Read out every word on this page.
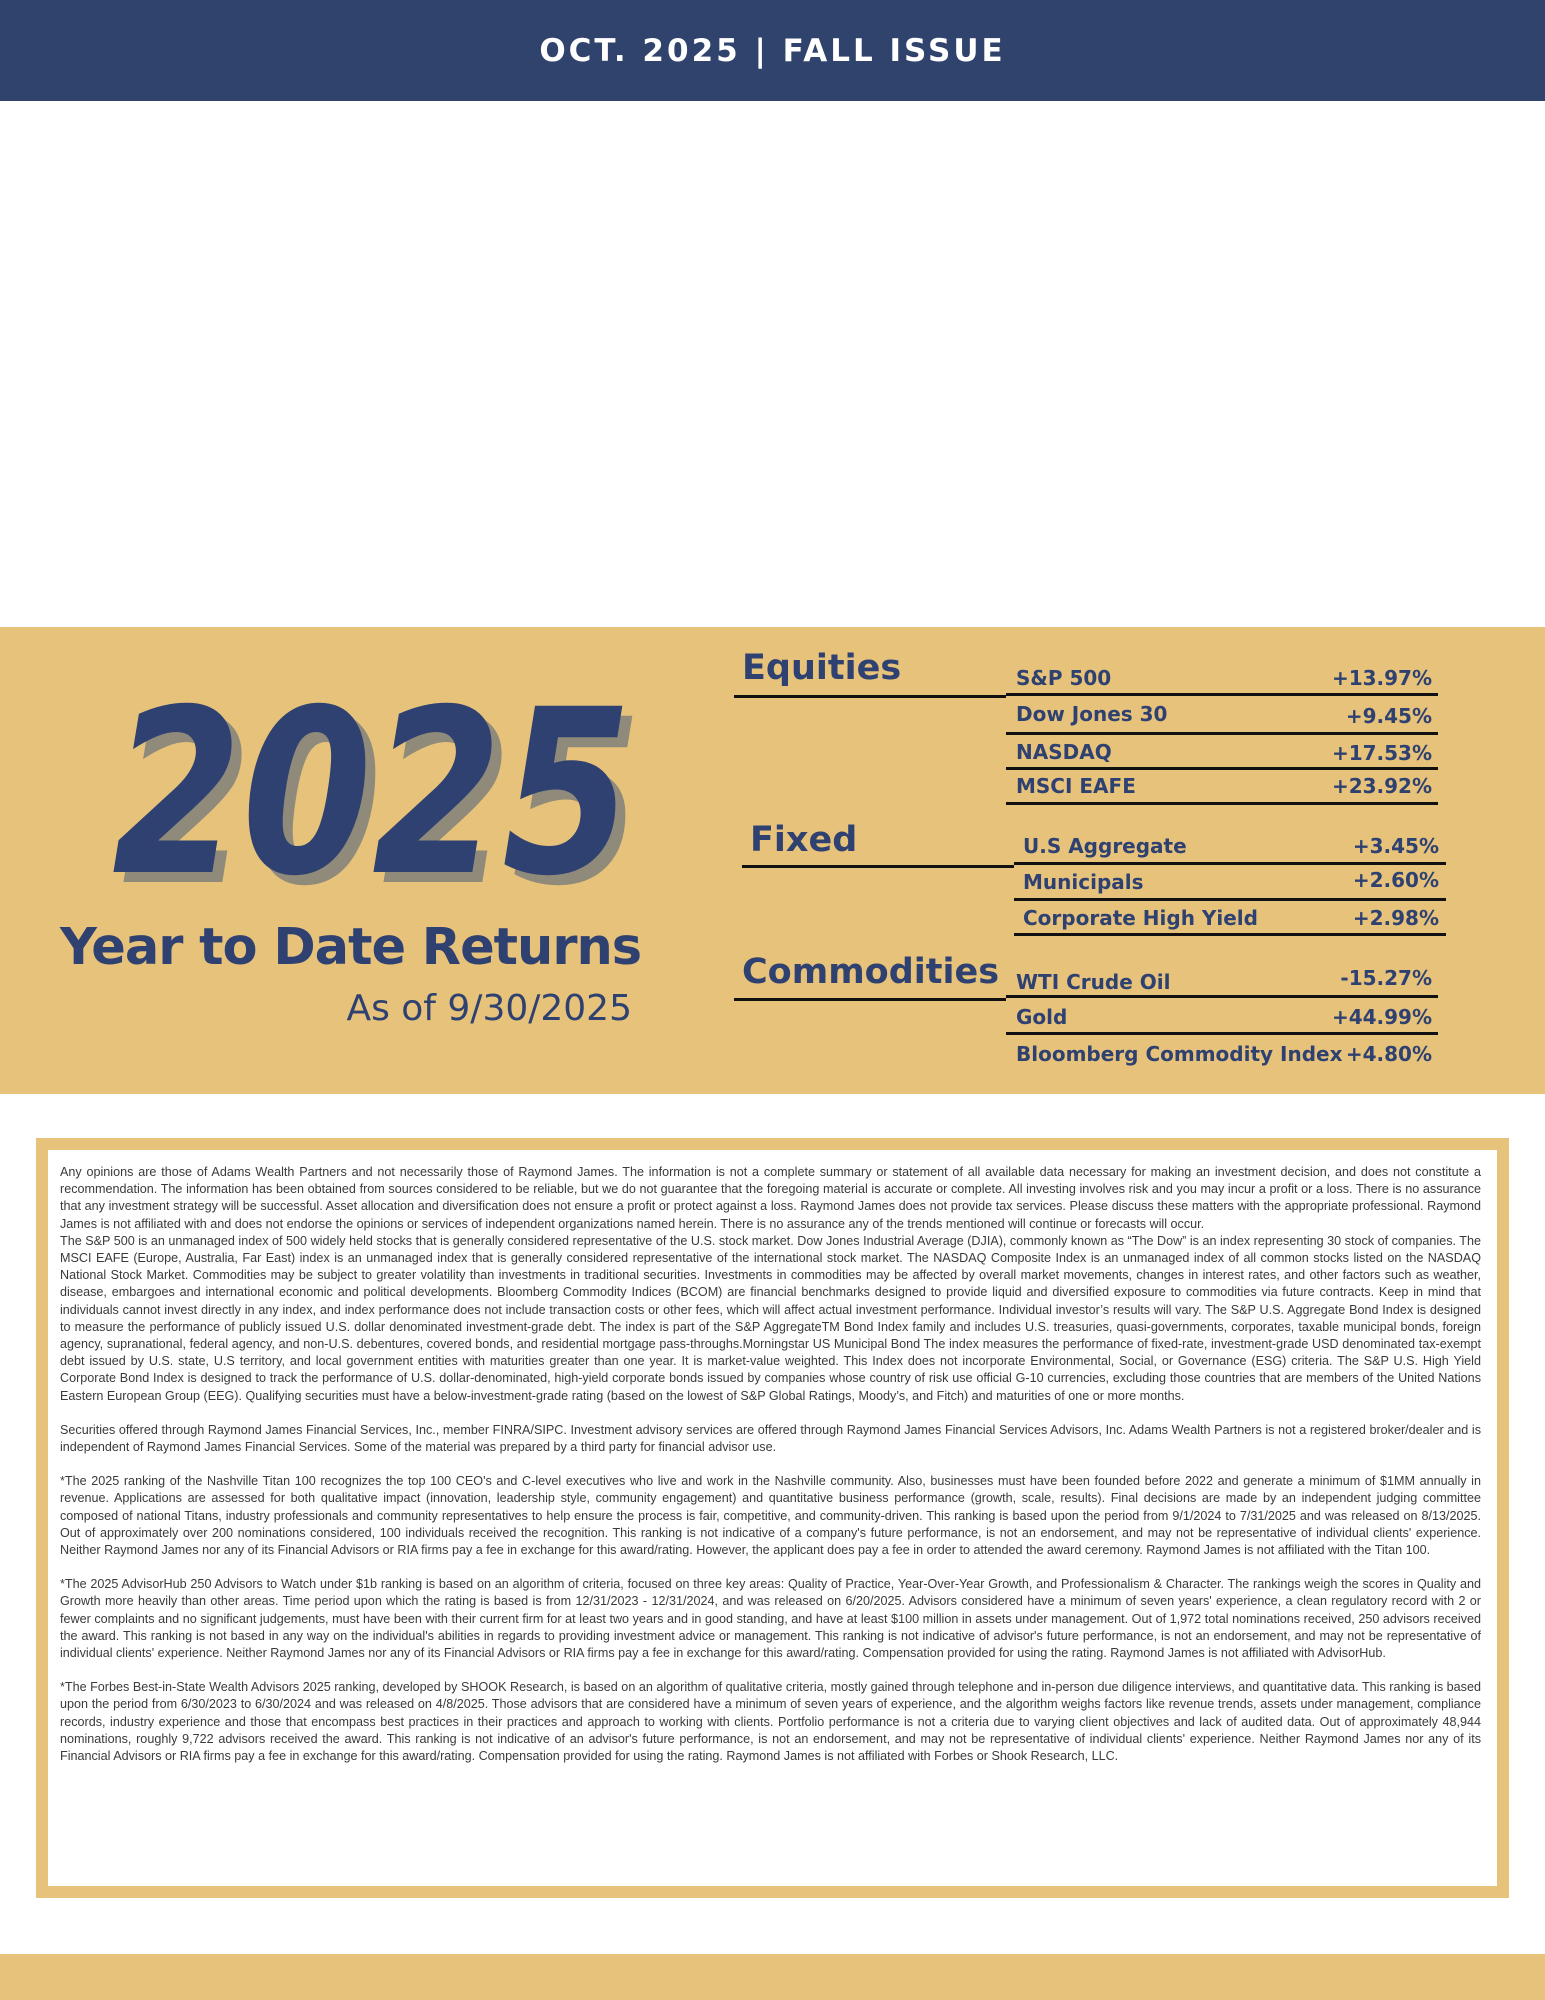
OCT. 2025 | FALL ISSUE
2025
2025
Year to Date Returns
As of 9/30/2025
Equities	S&P 500	+13.97%
Dow Jones 30	+9.45%
NASDAQ	+17.53%
MSCI EAFE	+23.92%
Fixed	U.S Aggregate	+3.45%
Municipals	+2.60%
Corporate High Yield	+2.98%
Commodities WTI Crude Oil	-15.27%
Gold	+44.99%
Bloomberg Commodity Index +4.80%

Any opinions are those of Adams Wealth Partners and not necessarily those of Raymond James. The information is not a complete summary or statement of all available data necessary for making an investment decision, and does not constitute a recommendation. The information has been obtained from sources considered to be reliable, but we do not guarantee that the foregoing material is accurate or complete. All investing involves risk and you may incur a profit or a loss. There is no assurance that any investment strategy will be successful. Asset allocation and diversification does not ensure a profit or protect against a loss. Raymond James does not provide tax services. Please discuss these matters with the appropriate professional. Raymond James is not affiliated with and does not endorse the opinions or services of independent organizations named herein. There is no assurance any of the trends mentioned will continue or forecasts will occur.

The S&P 500 is an unmanaged index of 500 widely held stocks that is generally considered representative of the U.S. stock market. Dow Jones Industrial Average (DJIA), commonly known as “The Dow” is an index representing 30 stock of companies. The MSCI EAFE (Europe, Australia, Far East) index is an unmanaged index that is generally considered representative of the international stock market. The NASDAQ Composite Index is an unmanaged index of all common stocks listed on the NASDAQ National Stock Market. Commodities may be subject to greater volatility than investments in traditional securities. Investments in commodities may be affected by overall market movements, changes in interest rates, and other factors such as weather, disease, embargoes and international economic and political developments. Bloomberg Commodity Indices (BCOM) are financial benchmarks designed to provide liquid and diversified exposure to commodities via future contracts. Keep in mind that individuals cannot invest directly in any index, and index performance does not include transaction costs or other fees, which will affect actual investment performance. Individual investor’s results will vary. The S&P U.S. Aggregate Bond Index is designed to measure the performance of publicly issued U.S. dollar denominated investment-grade debt. The index is part of the S&P AggregateTM Bond Index family and includes U.S. treasuries, quasi-governments, corporates, taxable municipal bonds, foreign agency, supranational, federal agency, and non-U.S. debentures, covered bonds, and residential mortgage pass-throughs.Morningstar US Municipal Bond The index measures the performance of fixed-rate, investment-grade USD denominated tax-exempt debt issued by U.S. state, U.S territory, and local government entities with maturities greater than one year. It is market-value weighted. This Index does not incorporate Environmental, Social, or Governance (ESG) criteria. The S&P U.S. High Yield Corporate Bond Index is designed to track the performance of U.S. dollar-denominated, high-yield corporate bonds issued by companies whose country of risk use official G-10 currencies, excluding those countries that are members of the United Nations Eastern European Group (EEG). Qualifying securities must have a below-investment-grade rating (based on the lowest of S&P Global Ratings, Moody’s, and Fitch) and maturities of one or more months.

Securities offered through Raymond James Financial Services, Inc., member FINRA/SIPC. Investment advisory services are offered through Raymond James Financial Services Advisors, Inc. Adams Wealth Partners is not a registered broker/dealer and is independent of Raymond James Financial Services. Some of the material was prepared by a third party for financial advisor use.

*The 2025 ranking of the Nashville Titan 100 recognizes the top 100 CEO's and C-level executives who live and work in the Nashville community. Also, businesses must have been founded before 2022 and generate a minimum of $1MM annually in revenue. Applications are assessed for both qualitative impact (innovation, leadership style, community engagement) and quantitative business performance (growth, scale, results). Final decisions are made by an independent judging committee composed of national Titans, industry professionals and community representatives to help ensure the process is fair, competitive, and community-driven. This ranking is based upon the period from 9/1/2024 to 7/31/2025 and was released on 8/13/2025. Out of approximately over 200 nominations considered, 100 individuals received the recognition. This ranking is not indicative of a company's future performance, is not an endorsement, and may not be representative of individual clients' experience. Neither Raymond James nor any of its Financial Advisors or RIA firms pay a fee in exchange for this award/rating. However, the applicant does pay a fee in order to attended the award ceremony. Raymond James is not affiliated with the Titan 100.

*The 2025 AdvisorHub 250 Advisors to Watch under $1b ranking is based on an algorithm of criteria, focused on three key areas: Quality of Practice, Year-Over-Year Growth, and Professionalism & Character. The rankings weigh the scores in Quality and Growth more heavily than other areas. Time period upon which the rating is based is from 12/31/2023 - 12/31/2024, and was released on 6/20/2025. Advisors considered have a minimum of seven years' experience, a clean regulatory record with 2 or fewer complaints and no significant judgements, must have been with their current firm for at least two years and in good standing, and have at least $100 million in assets under management. Out of 1,972 total nominations received, 250 advisors received the award. This ranking is not based in any way on the individual's abilities in regards to providing investment advice or management. This ranking is not indicative of advisor's future performance, is not an endorsement, and may not be representative of individual clients' experience. Neither Raymond James nor any of its Financial Advisors or RIA firms pay a fee in exchange for this award/rating. Compensation provided for using the rating. Raymond James is not affiliated with AdvisorHub.

*The Forbes Best-in-State Wealth Advisors 2025 ranking, developed by SHOOK Research, is based on an algorithm of qualitative criteria, mostly gained through telephone and in-person due diligence interviews, and quantitative data. This ranking is based upon the period from 6/30/2023 to 6/30/2024 and was released on 4/8/2025. Those advisors that are considered have a minimum of seven years of experience, and the algorithm weighs factors like revenue trends, assets under management, compliance records, industry experience and those that encompass best practices in their practices and approach to working with clients. Portfolio performance is not a criteria due to varying client objectives and lack of audited data. Out of approximately 48,944 nominations, roughly 9,722 advisors received the award. This ranking is not indicative of an advisor's future performance, is not an endorsement, and may not be representative of individual clients' experience. Neither Raymond James nor any of its Financial Advisors or RIA firms pay a fee in exchange for this award/rating. Compensation provided for using the rating. Raymond James is not affiliated with Forbes or Shook Research, LLC.
